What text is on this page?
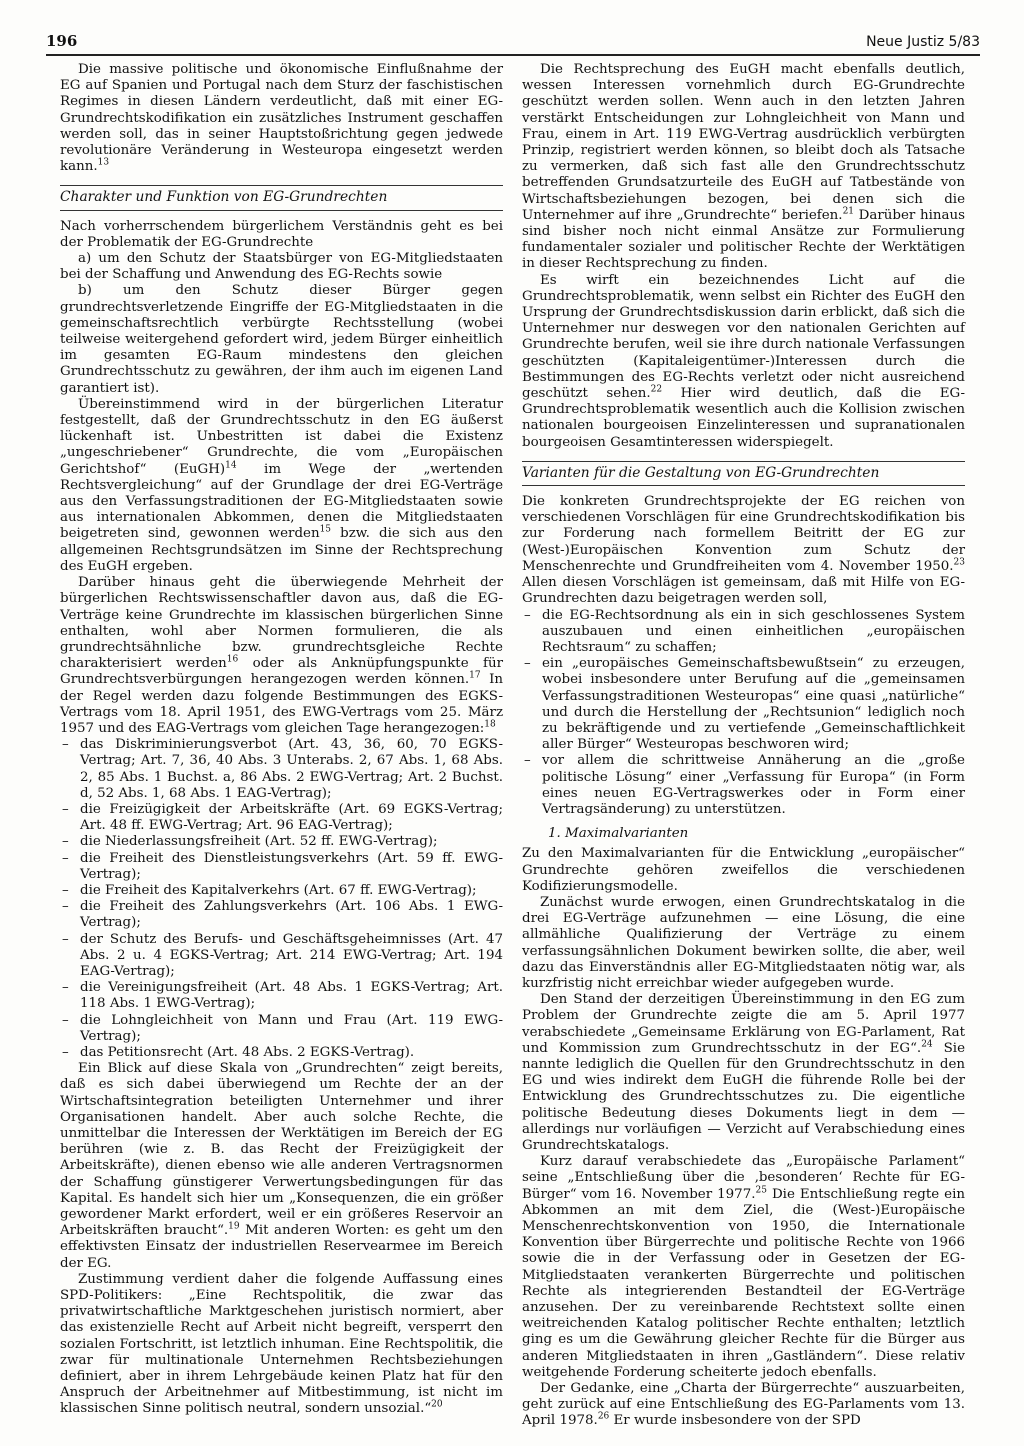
196	Neue Justiz 5/83

Die massive politische und ökonomische Einflußnahme der EG auf Spanien und Portugal nach dem Sturz der faschistischen Regimes in diesen Ländern verdeutlicht, daß mit einer EG-Grundrechtskodifikation ein zusätzliches Instrument geschaffen werden soll, das in seiner Hauptstoßrichtung gegen jedwede revolutionäre Veränderung in Westeuropa eingesetzt werden kann.$^{13}$

Charakter und Funktion von EG-Grundrechten

Nach vorherrschendem bürgerlichem Verständnis geht es bei der Problematik der EG-Grundrechte

a) um den Schutz der Staatsbürger von EG-Mitgliedstaaten bei der Schaffung und Anwendung des EG-Rechts sowie

b) um den Schutz dieser Bürger gegen grundrechtsverletzende Eingriffe der EG-Mitgliedstaaten in die gemeinschaftsrechtlich verbürgte Rechtsstellung (wobei teilweise weitergehend gefordert wird, jedem Bürger einheitlich im gesamten EG-Raum mindestens den gleichen Grundrechtsschutz zu gewähren, der ihm auch im eigenen Land garantiert ist).

Übereinstimmend wird in der bürgerlichen Literatur festgestellt, daß der Grundrechtsschutz in den EG äußerst lückenhaft ist. Unbestritten ist dabei die Existenz „ungeschriebener“ Grundrechte, die vom „Europäischen Gerichtshof“ (EuGH)$^{14}$ im Wege der „wertenden Rechtsvergleichung“ auf der Grundlage der drei EG-Verträge aus den Verfassungstraditionen der EG-Mitgliedstaaten sowie aus internationalen Abkommen, denen die Mitgliedstaaten beigetreten sind, gewonnen werden$^{15}$ bzw. die sich aus den allgemeinen Rechtsgrundsätzen im Sinne der Rechtsprechung des EuGH ergeben.

Darüber hinaus geht die überwiegende Mehrheit der bürgerlichen Rechtswissenschaftler davon aus, daß die EG-Verträge keine Grundrechte im klassischen bürgerlichen Sinne enthalten, wohl aber Normen formulieren, die als grundrechtsähnliche bzw. grundrechtsgleiche Rechte charakterisiert werden$^{16}$ oder als Anknüpfungspunkte für Grundrechtsverbürgungen herangezogen werden können.$^{17}$ In der Regel werden dazu folgende Bestimmungen des EGKS-Vertrags vom 18. April 1951, des EWG-Vertrags vom 25. März 1957 und des EAG-Vertrags vom gleichen Tage herangezogen:$^{18}$

– das Diskriminierungsverbot (Art. 43, 36, 60, 70 EGKS-Vertrag; Art. 7, 36, 40 Abs. 3 Unterabs. 2, 67 Abs. 1, 68 Abs. 2, 85 Abs. 1 Buchst. a, 86 Abs. 2 EWG-Vertrag; Art. 2 Buchst. d, 52 Abs. 1, 68 Abs. 1 EAG-Vertrag);
– die Freizügigkeit der Arbeitskräfte (Art. 69 EGKS-Vertrag; Art. 48 ff. EWG-Vertrag; Art. 96 EAG-Vertrag);
– die Niederlassungsfreiheit (Art. 52 ff. EWG-Vertrag);
– die Freiheit des Dienstleistungsverkehrs (Art. 59 ff. EWG-Vertrag);
– die Freiheit des Kapitalverkehrs (Art. 67 ff. EWG-Vertrag);
– die Freiheit des Zahlungsverkehrs (Art. 106 Abs. 1 EWG-Vertrag);
– der Schutz des Berufs- und Geschäftsgeheimnisses (Art. 47 Abs. 2 u. 4 EGKS-Vertrag; Art. 214 EWG-Vertrag; Art. 194 EAG-Vertrag);
– die Vereinigungsfreiheit (Art. 48 Abs. 1 EGKS-Vertrag; Art. 118 Abs. 1 EWG-Vertrag);
– die Lohngleichheit von Mann und Frau (Art. 119 EWG-Vertrag);
– das Petitionsrecht (Art. 48 Abs. 2 EGKS-Vertrag).

Ein Blick auf diese Skala von „Grundrechten“ zeigt bereits, daß es sich dabei überwiegend um Rechte der an der Wirtschaftsintegration beteiligten Unternehmer und ihrer Organisationen handelt. Aber auch solche Rechte, die unmittelbar die Interessen der Werktätigen im Bereich der EG berühren (wie z. B. das Recht der Freizügigkeit der Arbeitskräfte), dienen ebenso wie alle anderen Vertragsnormen der Schaffung günstigerer Verwertungsbedingungen für das Kapital. Es handelt sich hier um „Konsequenzen, die ein größer gewordener Markt erfordert, weil er ein größeres Reservoir an Arbeitskräften braucht“.$^{19}$ Mit anderen Worten: es geht um den effektivsten Einsatz der industriellen Reservearmee im Bereich der EG.

Zustimmung verdient daher die folgende Auffassung eines SPD-Politikers: „Eine Rechtspolitik, die zwar das privatwirtschaftliche Marktgeschehen juristisch normiert, aber das existenzielle Recht auf Arbeit nicht begreift, versperrt den sozialen Fortschritt, ist letztlich inhuman. Eine Rechtspolitik, die zwar für multinationale Unternehmen Rechtsbeziehungen definiert, aber in ihrem Lehrgebäude keinen Platz hat für den Anspruch der Arbeitnehmer auf Mitbestimmung, ist nicht im klassischen Sinne politisch neutral, sondern unsozial.“$^{20}$

Die Rechtsprechung des EuGH macht ebenfalls deutlich, wessen Interessen vornehmlich durch EG-Grundrechte geschützt werden sollen. Wenn auch in den letzten Jahren verstärkt Entscheidungen zur Lohngleichheit von Mann und Frau, einem in Art. 119 EWG-Vertrag ausdrücklich verbürgten Prinzip, registriert werden können, so bleibt doch als Tatsache zu vermerken, daß sich fast alle den Grundrechtsschutz betreffenden Grundsatzurteile des EuGH auf Tatbestände von Wirtschaftsbeziehungen bezogen, bei denen sich die Unternehmer auf ihre „Grundrechte“ beriefen.$^{21}$ Darüber hinaus sind bisher noch nicht einmal Ansätze zur Formulierung fundamentaler sozialer und politischer Rechte der Werktätigen in dieser Rechtsprechung zu finden.

Es wirft ein bezeichnendes Licht auf die Grundrechtsproblematik, wenn selbst ein Richter des EuGH den Ursprung der Grundrechtsdiskussion darin erblickt, daß sich die Unternehmer nur deswegen vor den nationalen Gerichten auf Grundrechte berufen, weil sie ihre durch nationale Verfassungen geschützten (Kapitaleigentümer-)Interessen durch die Bestimmungen des EG-Rechts verletzt oder nicht ausreichend geschützt sehen.$^{22}$ Hier wird deutlich, daß die EG-Grundrechtsproblematik wesentlich auch die Kollision zwischen nationalen bourgeoisen Einzelinteressen und supranationalen bourgeoisen Gesamtinteressen widerspiegelt.

Varianten für die Gestaltung von EG-Grundrechten

Die konkreten Grundrechtsprojekte der EG reichen von verschiedenen Vorschlägen für eine Grundrechtskodifikation bis zur Forderung nach formellem Beitritt der EG zur (West-)Europäischen Konvention zum Schutz der Menschenrechte und Grundfreiheiten vom 4. November 1950.23 Allen diesen Vorschlägen ist gemeinsam, daß mit Hilfe von EG-Grundrechten dazu beigetragen werden soll,

– die EG-Rechtsordnung als ein in sich geschlossenes System auszubauen und einen einheitlichen „europäischen Rechtsraum“ zu schaffen;
– ein „europäisches Gemeinschaftsbewußtsein“ zu erzeugen, wobei insbesondere unter Berufung auf die „gemeinsamen Verfassungstraditionen Westeuropas“ eine quasi „natürliche“ und durch die Herstellung der „Rechtsunion“ lediglich noch zu bekräftigende und zu vertiefende „Gemeinschaftlichkeit aller Bürger“ Westeuropas beschworen wird;
– vor allem die schrittweise Annäherung an die „große politische Lösung“ einer „Verfassung für Europa“ (in Form eines neuen EG-Vertragswerkes oder in Form einer Vertragsänderung) zu unterstützen.
1. Maximalvarianten

Zu den Maximalvarianten für die Entwicklung „europäischer“ Grundrechte gehören zweifellos die verschiedenen Kodifizierungsmodelle.

Zunächst wurde erwogen, einen Grundrechtskatalog in die drei EG-Verträge aufzunehmen — eine Lösung, die eine allmähliche Qualifizierung der Verträge zu einem verfassungsähnlichen Dokument bewirken sollte, die aber, weil dazu das Einverständnis aller EG-Mitgliedstaaten nötig war, als kurzfristig nicht erreichbar wieder aufgegeben wurde.

Den Stand der derzeitigen Übereinstimmung in den EG zum Problem der Grundrechte zeigte die am 5. April 1977 verabschiedete „Gemeinsame Erklärung von EG-Parlament, Rat und Kommission zum Grundrechtsschutz in der EG“.$^{24}$ Sie nannte lediglich die Quellen für den Grundrechtsschutz in den EG und wies indirekt dem EuGH die führende Rolle bei der Entwicklung des Grundrechtsschutzes zu. Die eigentliche politische Bedeutung dieses Dokuments liegt in dem — allerdings nur vorläufigen — Verzicht auf Verabschiedung eines Grundrechtskatalogs.

Kurz darauf verabschiedete das „Europäische Parlament“ seine „Entschließung über die ‚besonderen‘ Rechte für EG-Bürger“ vom 16. November 1977.25 Die Entschließung regte ein Abkommen an mit dem Ziel, die (West-)Europäische Menschenrechtskonvention von 1950, die Internationale Konvention über Bürgerrechte und politische Rechte von 1966 sowie die in der Verfassung oder in Gesetzen der EG-Mitgliedstaaten verankerten Bürgerrechte und politischen Rechte als integrierenden Bestandteil der EG-Verträge anzusehen. Der zu vereinbarende Rechtstext sollte einen weitreichenden Katalog politischer Rechte enthalten; letztlich ging es um die Gewährung gleicher Rechte für die Bürger aus anderen Mitgliedstaaten in ihren „Gastländern“. Diese relativ weitgehende Forderung scheiterte jedoch ebenfalls.

Der Gedanke, eine „Charta der Bürgerrechte“ auszuarbeiten, geht zurück auf eine Entschließung des EG-Parlaments vom 13. April 1978.26 Er wurde insbesondere von der SPD
